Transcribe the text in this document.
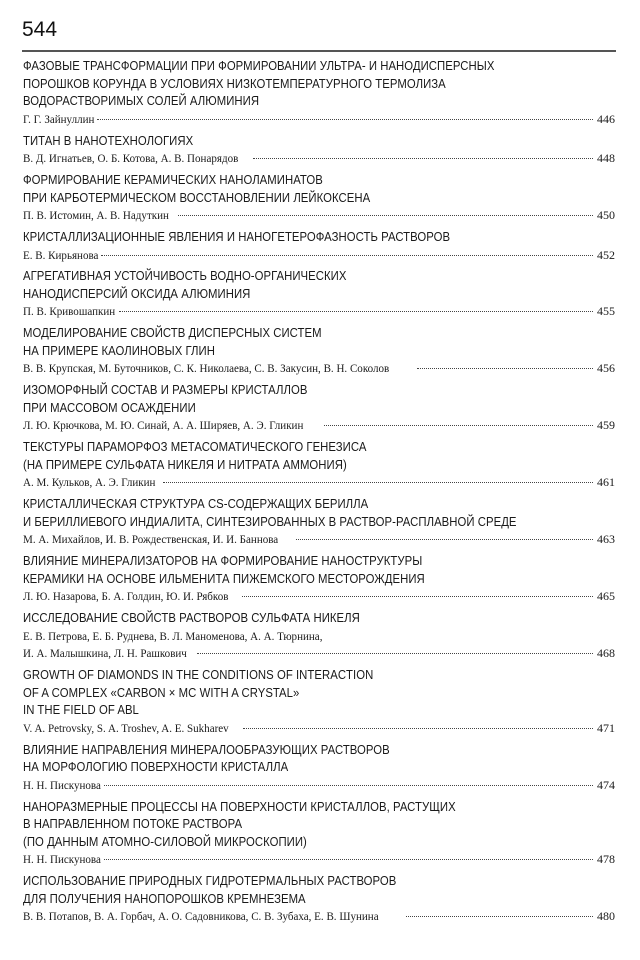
544
ФАЗОВЫЕ ТРАНСФОРМАЦИИ ПРИ ФОРМИРОВАНИИ УЛЬТРА- И НАНОДИСПЕРСНЫХ
ПОРОШКОВ КОРУНДА В УСЛОВИЯХ НИЗКОТЕМПЕРАТУРНОГО ТЕРМОЛИЗА
ВОДОРАСТВОРИМЫХ СОЛЕЙ АЛЮМИНИЯ
Г. Г. Зайнуллин	446
ТИТАН В НАНОТЕХНОЛОГИЯХ
В. Д. Игнатьев, О. Б. Котова, А. В. Понарядов	448
ФОРМИРОВАНИЕ КЕРАМИЧЕСКИХ НАНОЛАМИНАТОВ
ПРИ КАРБОТЕРМИЧЕСКОМ ВОССТАНОВЛЕНИИ ЛЕЙКОКСЕНА
П. В. Истомин, А. В. Надуткин	450
КРИСТАЛЛИЗАЦИОННЫЕ ЯВЛЕНИЯ И НАНОГЕТЕРОФАЗНОСТЬ РАСТВОРОВ
Е. В. Кирьянова	452
АГРЕГАТИВНАЯ УСТОЙЧИВОСТЬ ВОДНО-ОРГАНИЧЕСКИХ
НАНОДИСПЕРСИЙ ОКСИДА АЛЮМИНИЯ
П. В. Кривошапкин	455
МОДЕЛИРОВАНИЕ СВОЙСТВ ДИСПЕРСНЫХ СИСТЕМ
НА ПРИМЕРЕ КАОЛИНОВЫХ ГЛИН
В. В. Крупская, М. Буточников, С. К. Николаева, С. В. Закусин, В. Н. Соколов	456
ИЗОМОРФНЫЙ СОСТАВ И РАЗМЕРЫ КРИСТАЛЛОВ
ПРИ МАССОВОМ ОСАЖДЕНИИ
Л. Ю. Крючкова, М. Ю. Синай, А. А. Ширяев, А. Э. Гликин	459
ТЕКСТУРЫ ПАРАМОРФОЗ МЕТАСОМАТИЧЕСКОГО ГЕНЕЗИСА
(НА ПРИМЕРЕ СУЛЬФАТА НИКЕЛЯ И НИТРАТА АММОНИЯ)
А. М. Кульков, А. Э. Гликин	461
КРИСТАЛЛИЧЕСКАЯ СТРУКТУРА CS-СОДЕРЖАЩИХ БЕРИЛЛА
И БЕРИЛЛИЕВОГО ИНДИАЛИТА, СИНТЕЗИРОВАННЫХ В РАСТВОР-РАСПЛАВНОЙ СРЕДЕ
М. А. Михайлов, И. В. Рождественская, И. И. Баннова	463
ВЛИЯНИЕ МИНЕРАЛИЗАТОРОВ НА ФОРМИРОВАНИЕ НАНОСТРУКТУРЫ
КЕРАМИКИ НА ОСНОВЕ ИЛЬМЕНИТА ПИЖЕМСКОГО МЕСТОРОЖДЕНИЯ
Л. Ю. Назарова, Б. А. Голдин, Ю. И. Рябков	465
ИССЛЕДОВАНИЕ СВОЙСТВ РАСТВОРОВ СУЛЬФАТА НИКЕЛЯ
Е. В. Петрова, Е. Б. Руднева, В. Л. Маноменова, А. А. Тюрнина,
И. А. Малышкина, Л. Н. Рашкович	468
GROWTH OF DIAMONDS IN THE CONDITIONS OF INTERACTION
OF A COMPLEX «CARBON × MC WITH A CRYSTAL»
IN THE FIELD OF ABL
V. A. Petrovsky, S. A. Troshev, A. E. Sukharev	471
ВЛИЯНИЕ НАПРАВЛЕНИЯ МИНЕРАЛООБРАЗУЮЩИХ РАСТВОРОВ
НА МОРФОЛОГИЮ ПОВЕРХНОСТИ КРИСТАЛЛА
Н. Н. Пискунова	474
НАНОРАЗМЕРНЫЕ ПРОЦЕССЫ НА ПОВЕРХНОСТИ КРИСТАЛЛОВ, РАСТУЩИХ
В НАПРАВЛЕННОМ ПОТОКЕ РАСТВОРА
(ПО ДАННЫМ АТОМНО-СИЛОВОЙ МИКРОСКОПИИ)
Н. Н. Пискунова	478
ИСПОЛЬЗОВАНИЕ ПРИРОДНЫХ ГИДРОТЕРМАЛЬНЫХ РАСТВОРОВ
ДЛЯ ПОЛУЧЕНИЯ НАНОПОРОШКОВ КРЕМНЕЗЕМА
В. В. Потапов, В. А. Горбач, А. О. Садовникова, С. В. Зубаха, Е. В. Шунина	480
